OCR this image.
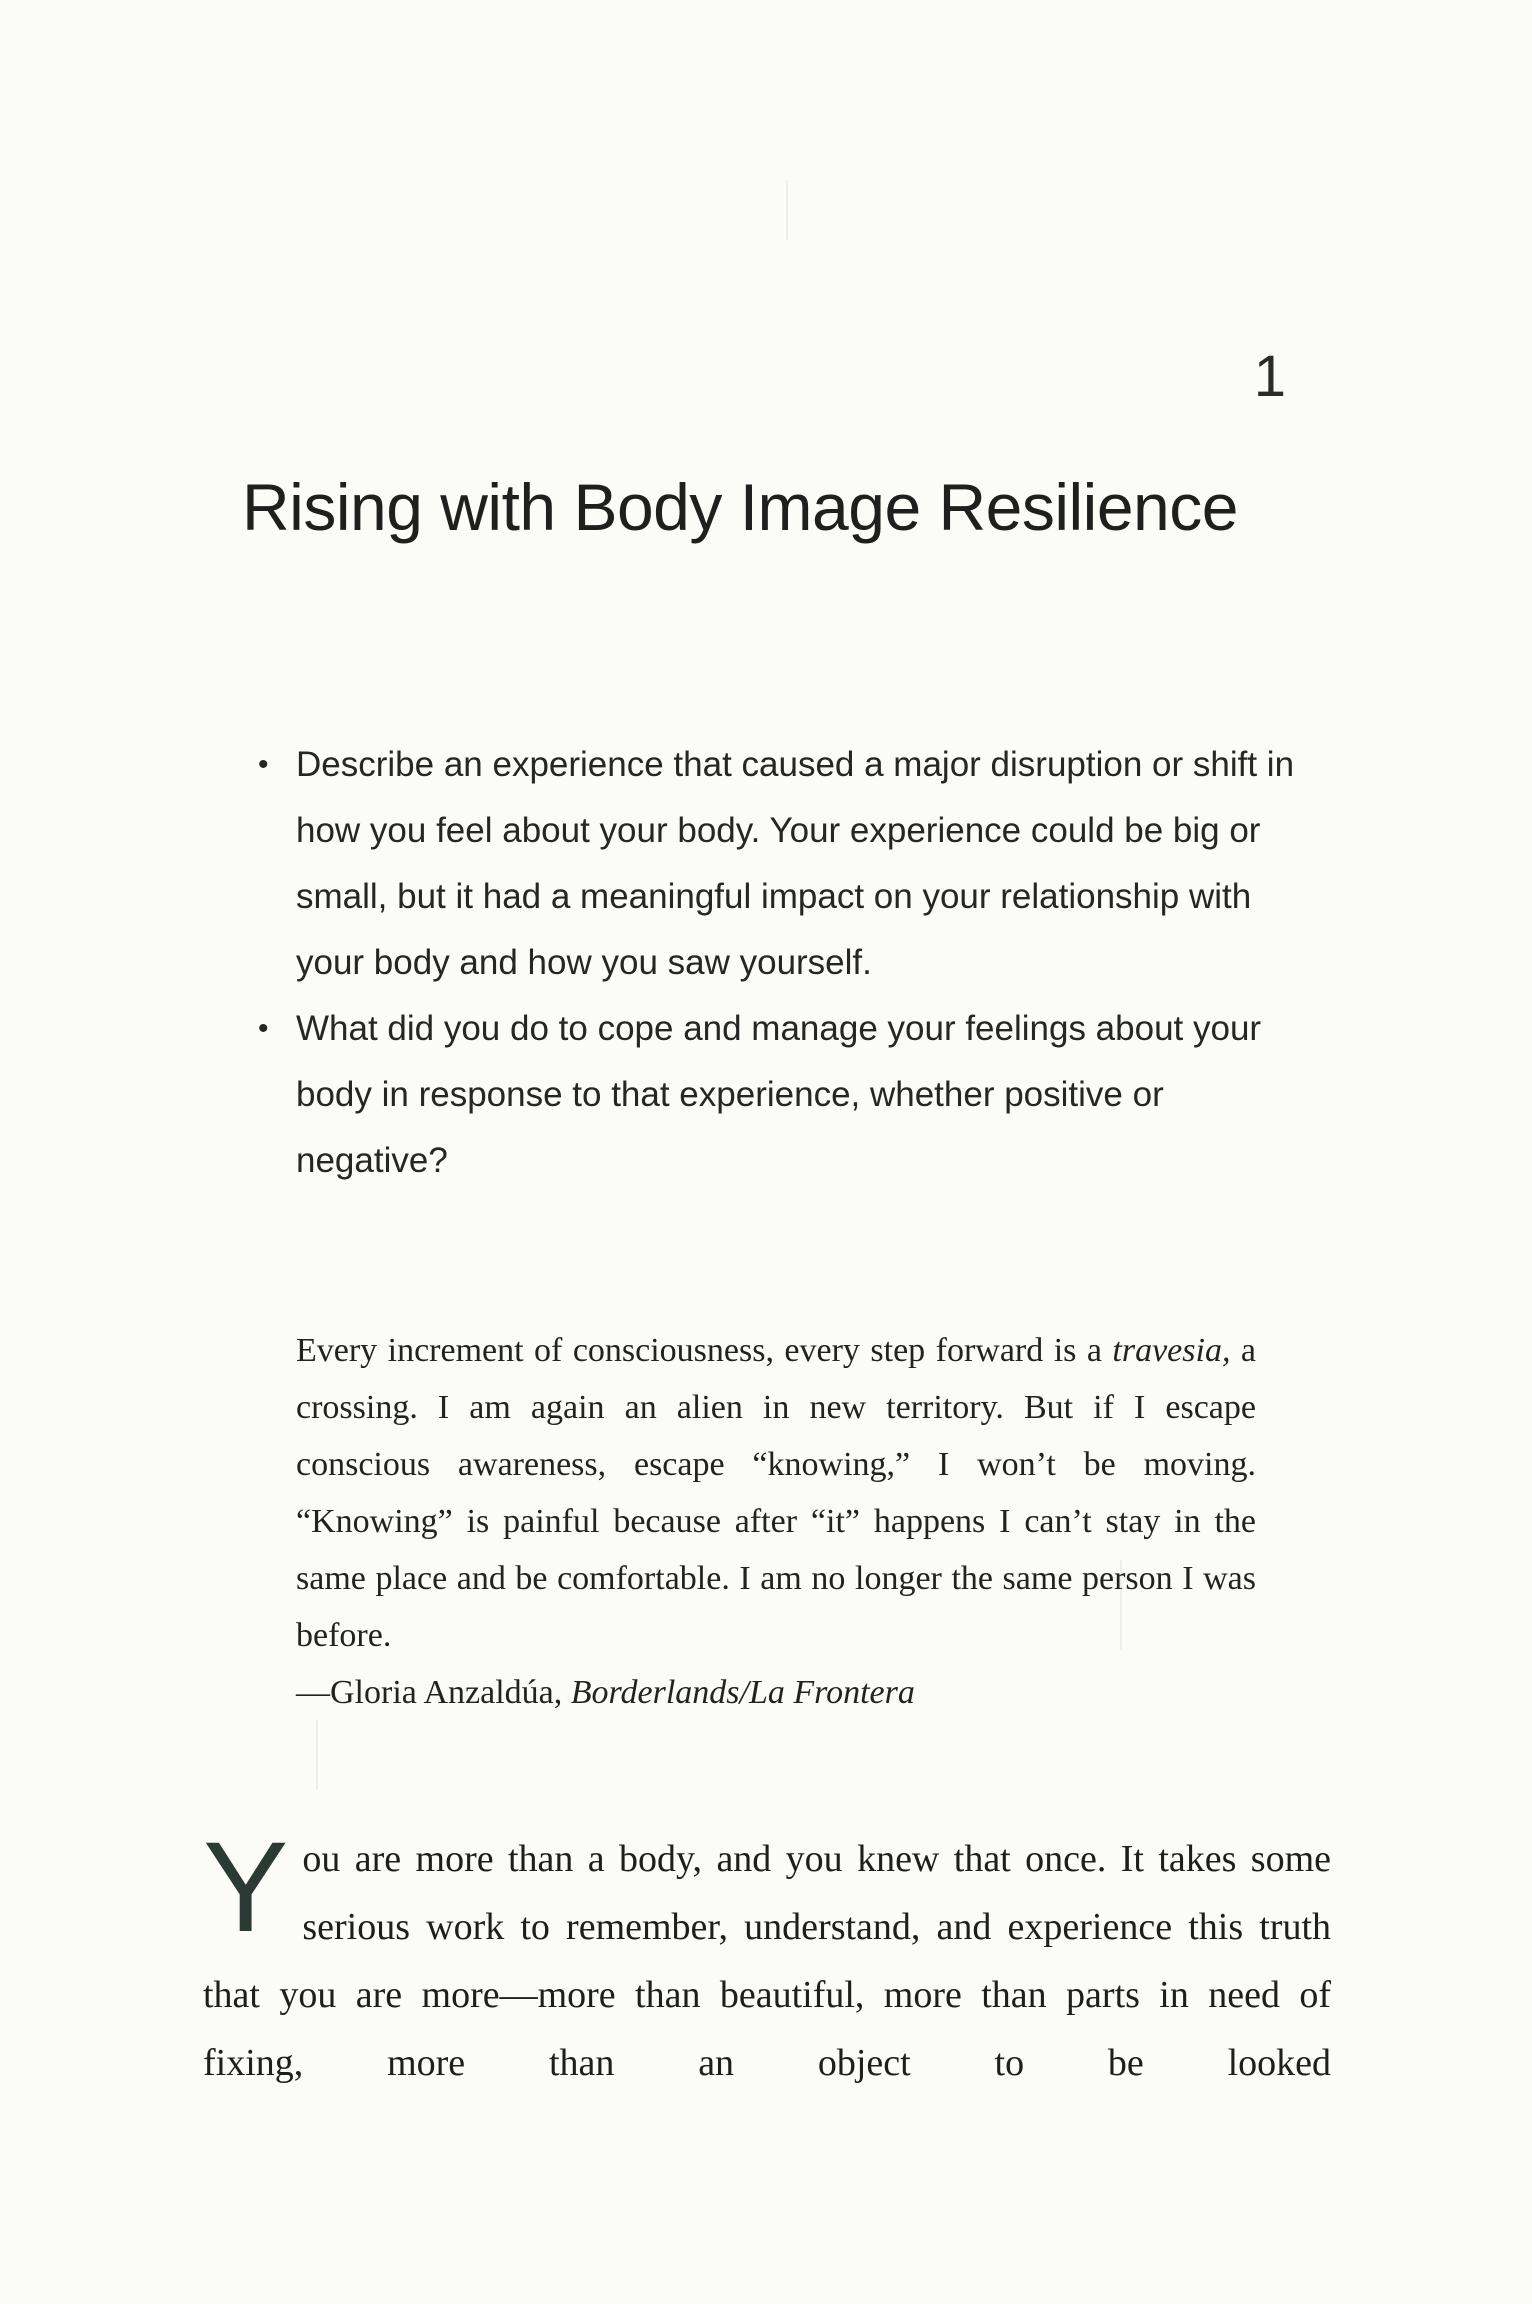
1
Rising with Body Image Resilience
• Describe an experience that caused a major disruption or shift in how you feel about your body. Your experience could be big or small, but it had a meaningful impact on your relationship with your body and how you saw yourself.
• What did you do to cope and manage your feelings about your body in response to that experience, whether positive or negative?

Every increment of consciousness, every step forward is a travesia, a crossing. I am again an alien in new territory. But if I escape conscious awareness, escape “knowing,” I won’t be moving. “Knowing” is painful because after “it” happens I can’t stay in the same place and be comfortable. I am no longer the same person I was before.

—Gloria Anzaldúa, Borderlands/La Frontera

You are more than a body, and you knew that once. It takes some serious work to remember, understand, and experience this truth that you are more—more than beautiful, more than parts in need of fixing, more than an object to be looked
